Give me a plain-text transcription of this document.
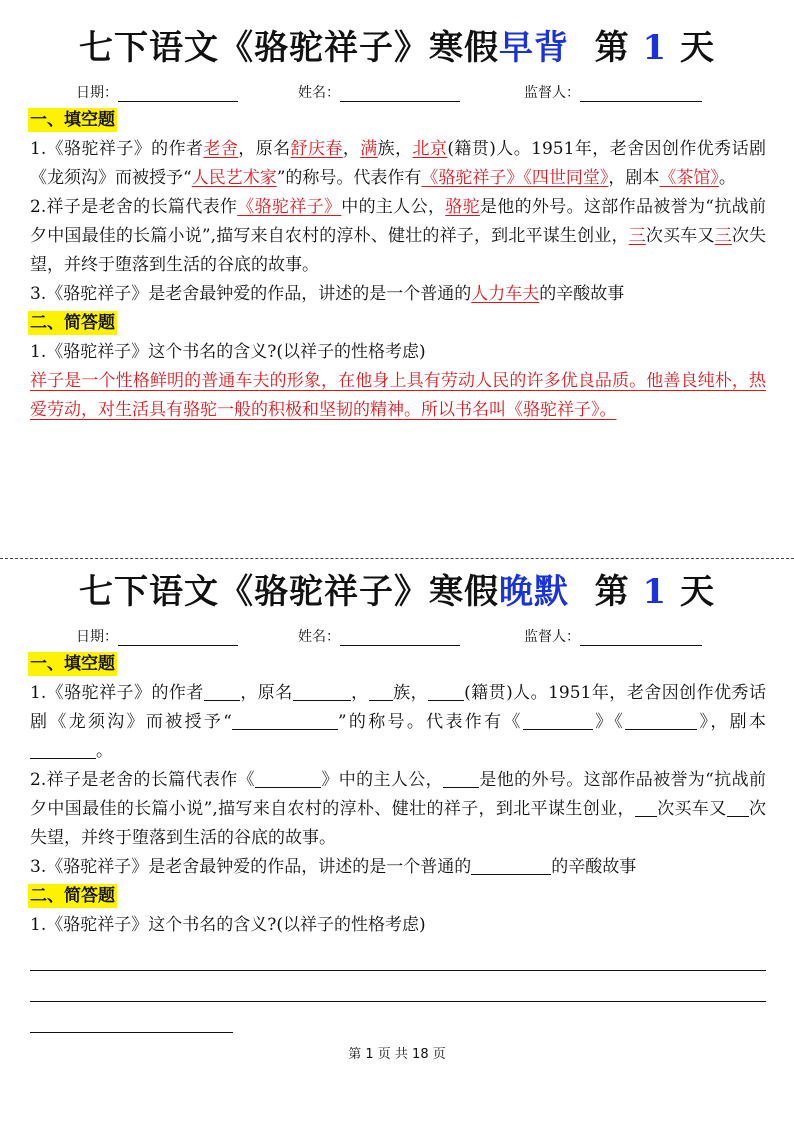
七下语文《骆驼祥子》寒假早背 第 1 天
日期：	姓名：	监督人：
一、填空题
1.《骆驼祥子》的作者老舍，原名舒庆春，满族，北京(籍贯)人。1951年，老舍因创作优秀话剧《龙须沟》而被授予“人民艺术家”的称号。代表作有《骆驼祥子》《四世同堂》，剧本《茶馆》。
2.祥子是老舍的长篇代表作《骆驼祥子》中的主人公，骆驼是他的外号。这部作品被誉为“抗战前夕中国最佳的长篇小说”,描写来自农村的淳朴、健壮的祥子，到北平谋生创业，三次买车又三次失望，并终于堕落到生活的谷底的故事。
3.《骆驼祥子》是老舍最钟爱的作品，讲述的是一个普通的人力车夫的辛酸故事
二、简答题
1.《骆驼祥子》这个书名的含义?(以祥子的性格考虑)
祥子是一个性格鲜明的普通车夫的形象，在他身上具有劳动人民的许多优良品质。他善良纯朴，热爱劳动，对生活具有骆驼一般的积极和坚韧的精神。所以书名叫《骆驼祥子》。
七下语文《骆驼祥子》寒假晚默 第 1 天
日期：	姓名：	监督人：
一、填空题
1.《骆驼祥子》的作者 ，原名	， 族， (籍贯)人。1951年，老舍因创作优秀话剧《龙须沟》而被授予“	”的称号。代表作有《	》《	》，剧本。
2.祥子是老舍的长篇代表作《	》中的主人公， 是他的外号。这部作品被誉为“抗战前夕中国最佳的长篇小说”,描写来自农村的淳朴、健壮的祥子，到北平谋生创业， 次买车又 次失望，并终于堕落到生活的谷底的故事。
3.《骆驼祥子》是老舍最钟爱的作品，讲述的是一个普通的	的辛酸故事
二、简答题
1.《骆驼祥子》这个书名的含义?(以祥子的性格考虑)
第 1 页 共 18 页
